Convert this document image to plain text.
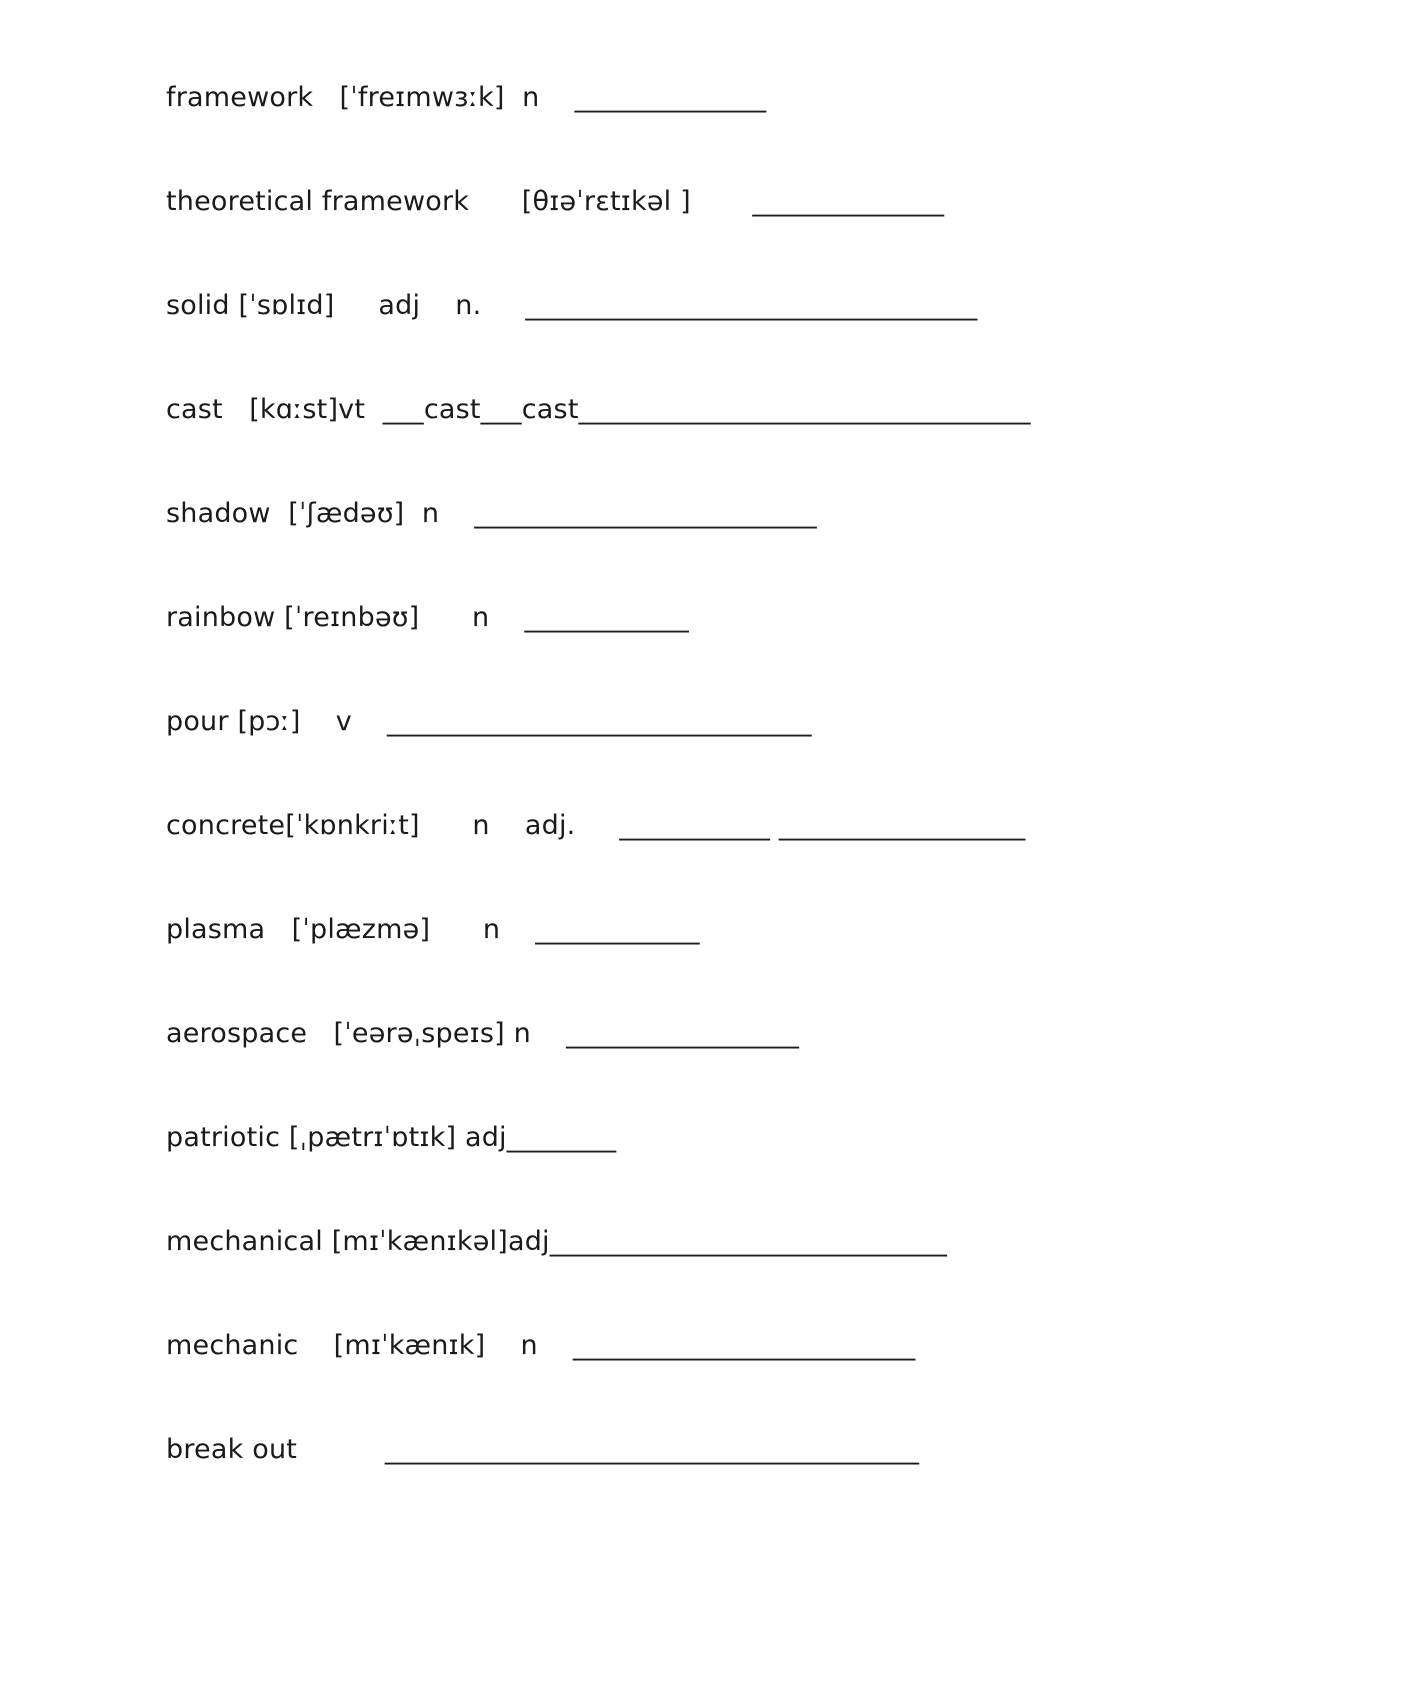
framework   [ˈfreɪmwɜːk]  n    ______________
theoretical framework      [θɪəˈrɛtɪkəl ]       ______________
solid [ˈsɒlɪd]     adj    n.     _________________________________
cast   [kɑːst]vt  ___cast___cast_________________________________
shadow  [ˈʃædəʊ]  n    _________________________
rainbow [ˈreɪnbəʊ]      n    ____________
pour [pɔː]    v    _______________________________
concrete[ˈkɒnkriːt]      n    adj.     ___________ __________________
plasma   [ˈplæzmə]      n    ____________
aerospace   [ˈeərəˌspeɪs] n    _________________
patriotic [ˌpætrɪˈɒtɪk] adj________
mechanical [mɪˈkænɪkəl]adj_____________________________
mechanic    [mɪˈkænɪk]    n    _________________________
break out          _______________________________________
